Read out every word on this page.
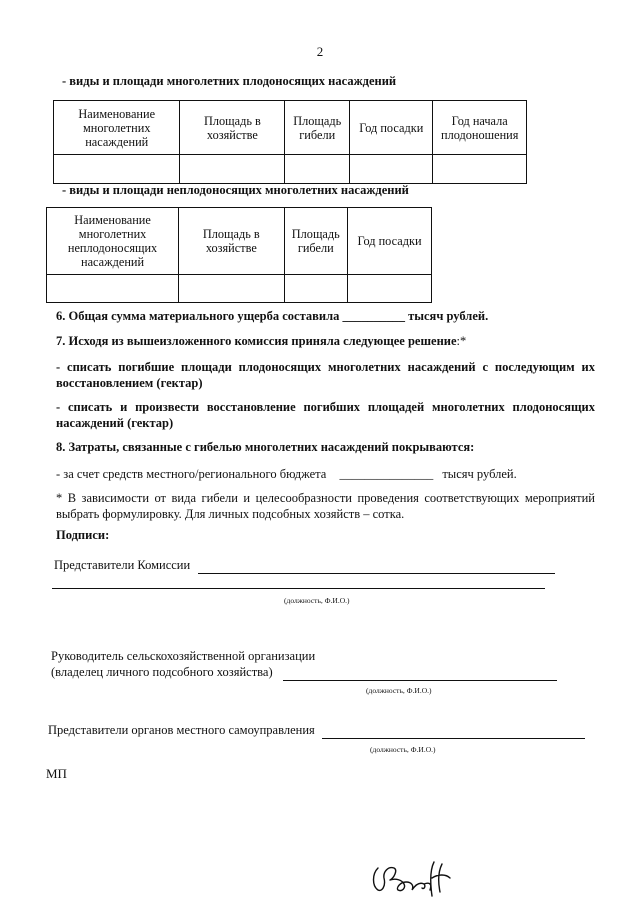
2
- виды и площади многолетних плодоносящих насаждений
Наименование многолетних насаждений	Площадь в хозяйстве	Площадь гибели	Год посадки	Год начала плодоношения

- виды и площади неплодоносящих многолетних насаждений
Наименование многолетних неплодоносящих насаждений	Площадь в хозяйстве	Площадь гибели	Год посадки

6. Общая сумма материального ущерба составила __________ тысяч рублей.
7. Исходя из вышеизложенного комиссия приняла следующее решение:*
- списать погибшие площади плодоносящих многолетних насаждений с последующим их восстановлением (гектар)
- списать и произвести восстановление погибших площадей многолетних плодоносящих насаждений (гектар)
8. Затраты, связанные с гибелью многолетних насаждений покрываются:
- за счет средств местного/регионального бюджета _______________ тысяч рублей.
* В зависимости от вида гибели и целесообразности проведения соответствующих мероприятий выбрать формулировку. Для личных подсобных хозяйств – сотка.
Подписи:
Представители Комиссии
(должность, Ф.И.О.)
Руководитель сельскохозяйственной организации
(владелец личного подсобного хозяйства)
(должность, Ф.И.О.)
Представители органов местного самоуправления
(должность, Ф.И.О.)
МП
